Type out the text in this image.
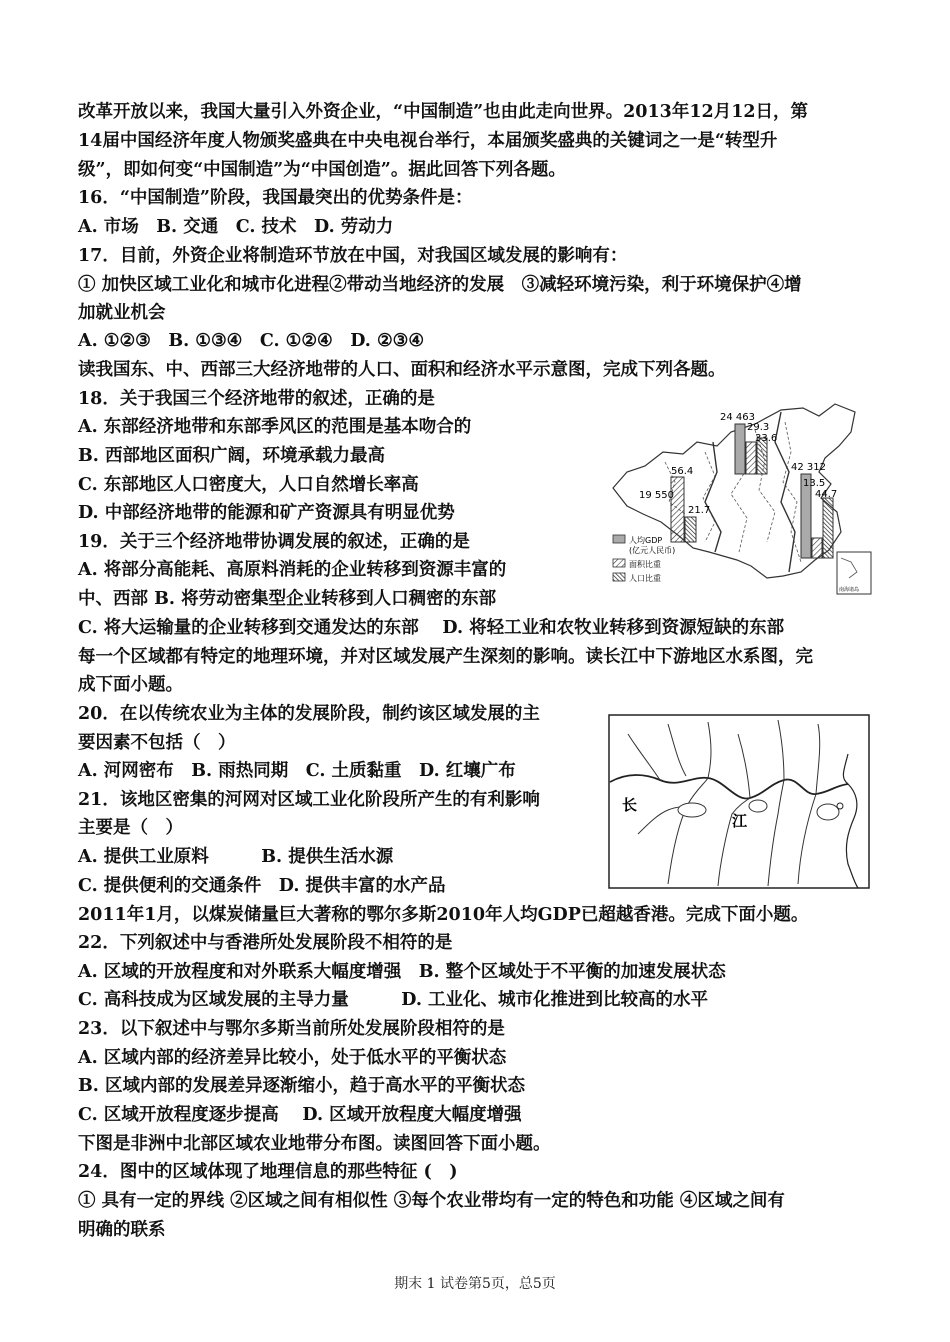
改革开放以来，我国大量引入外资企业，“中国制造”也由此走向世界。2013年12月12日，第
14届中国经济年度人物颁奖盛典在中央电视台举行，本届颁奖盛典的关键词之一是“转型升
级”，即如何变“中国制造”为“中国创造”。据此回答下列各题。
16．“中国制造”阶段，我国最突出的优势条件是：
A. 市场　B. 交通　C. 技术　D. 劳动力
17．目前，外资企业将制造环节放在中国，对我国区域发展的影响有：
① 加快区域工业化和城市化进程②带动当地经济的发展　③减轻环境污染，利于环境保护④增
加就业机会
A. ①②③　B. ①③④　C. ①②④　D. ②③④
读我国东、中、西部三大经济地带的人口、面积和经济水平示意图，完成下列各题。
18．关于我国三个经济地带的叙述，正确的是
A. 东部经济地带和东部季风区的范围是基本吻合的
B. 西部地区面积广阔，环境承载力最高
C. 东部地区人口密度大，人口自然增长率高
D. 中部经济地带的能源和矿产资源具有明显优势
19．关于三个经济地带协调发展的叙述，正确的是
A. 将部分高能耗、高原料消耗的企业转移到资源丰富的
中、西部 B. 将劳动密集型企业转移到人口稠密的东部
C. 将大运输量的企业转移到交通发达的东部　 D. 将轻工业和农牧业转移到资源短缺的东部
每一个区域都有特定的地理环境，并对区域发展产生深刻的影响。读长江中下游地区水系图，完
成下面小题。
20．在以传统农业为主体的发展阶段，制约该区域发展的主
要因素不包括（　）
A. 河网密布　B. 雨热同期　C. 土质黏重　D. 红壤广布
21．该地区密集的河网对区域工业化阶段所产生的有利影响
主要是（　）
A. 提供工业原料　　　B. 提供生活水源
C. 提供便利的交通条件　D. 提供丰富的水产品
2011年1月，以煤炭储量巨大著称的鄂尔多斯2010年人均GDP已超越香港。完成下面小题。
22．下列叙述中与香港所处发展阶段不相符的是
A. 区域的开放程度和对外联系大幅度增强　B. 整个区域处于不平衡的加速发展状态
C. 高科技成为区域发展的主导力量　　　D. 工业化、城市化推进到比较高的水平
23．以下叙述中与鄂尔多斯当前所处发展阶段相符的是
A. 区域内部的经济差异比较小，处于低水平的平衡状态
B. 区域内部的发展差异逐渐缩小，趋于高水平的平衡状态
C. 区域开放程度逐步提高　 D. 区域开放程度大幅度增强
下图是非洲中北部区域农业地带分布图。读图回答下面小题。
24．图中的区域体现了地理信息的那些特征 (　)
① 具有一定的界线 ②区域之间有相似性 ③每个农业带均有一定的特色和功能 ④区域之间有
明确的联系
期末 1 试卷第5页，总5页
19 550
56.4
21.7
24 463
29.3
33.6
42 312
13.5
44.7
人均GDP
(亿元人民币)
面积比重
人口比重
南海诸岛
长
江
